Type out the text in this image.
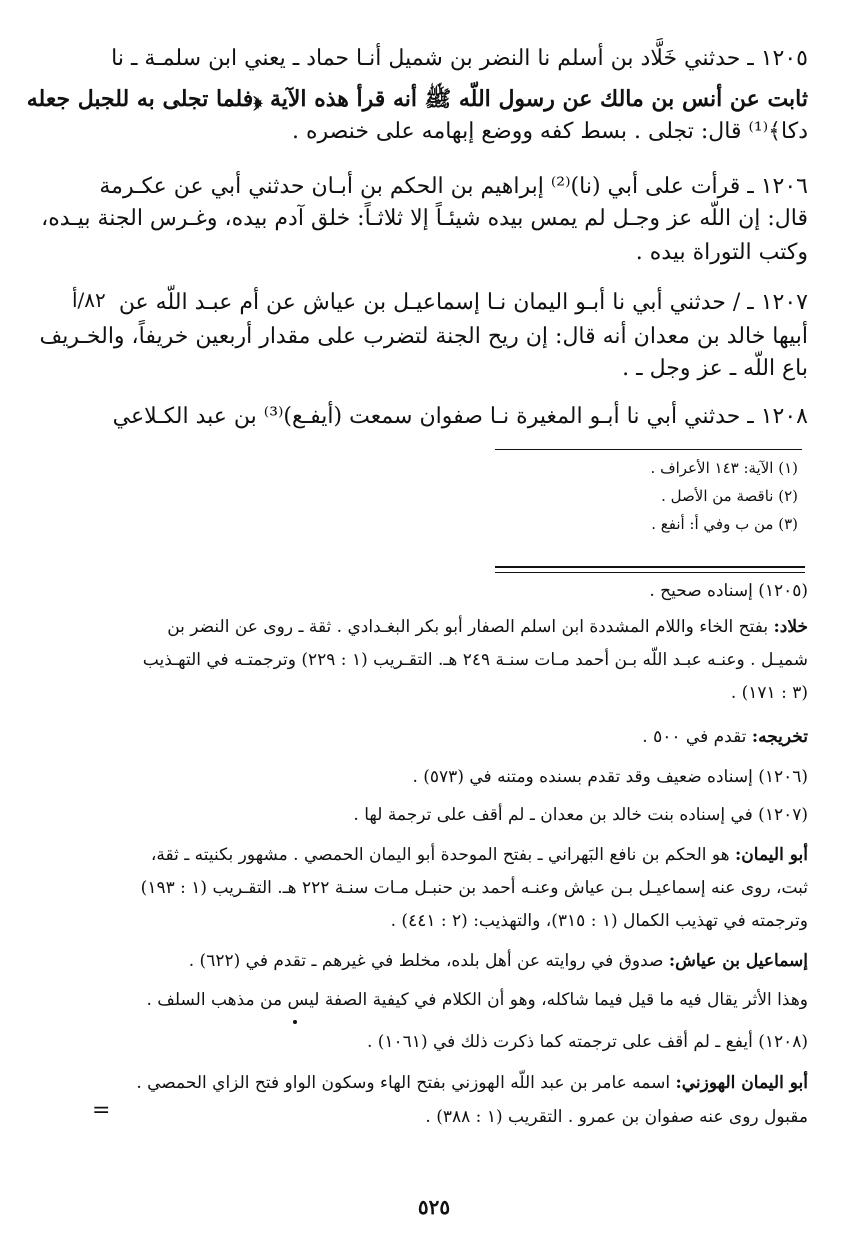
١٢٠٥ ـ حدثني خَلَّاد بن أسلم نا النضر بن شميل أنـا حماد ـ يعني ابن سلمـة ـ نا
ثابت عن أنس بن مالك عن رسول اللّه ﷺ أنه قرأ هذه الآية ﴿فلما تجلى به للجبل جعله
دكا﴾⁽¹⁾ قال: تجلى . بسط كفه ووضع إبهامه على خنصره .
١٢٠٦ ـ قرأت على أبي (نا)⁽²⁾ إبراهيم بن الحكم بن أبـان حدثني أبي عن عكـرمة
قال: إن اللّه عز وجـل لم يمس بيده شيئـاً إلا ثلاثـاً: خلق آدم بيده، وغـرس الجنة بيـده،
وكتب التوراة بيده .
١٢٠٧ ـ / حدثني أبي نا أبـو اليمان نـا إسماعيـل بن عياش عن أم عبـد اللّه عن
٨٢/أ
أبيها خالد بن معدان أنه قال: إن ريح الجنة لتضرب على مقدار أربعين خريفاً، والخـريف
باع اللّه ـ عز وجل ـ .
١٢٠٨ ـ حدثني أبي نا أبـو المغيرة نـا صفوان سمعت (أيفـع)⁽³⁾ بن عبد الكـلاعي
(١) الآية: ١٤٣ الأعراف .
(٢) ناقصة من الأصل .
(٣) من ب وفي أ: أنفع .
(١٢٠٥) إسناده صحيح .
خلاد: بفتح الخاء واللام المشددة ابن اسلم الصفار أبو بكر البغـدادي . ثقة ـ روى عن النضر بن
شميـل . وعنـه عبـد اللّه بـن أحمد مـات سنـة ٢٤٩ هـ. التقـريب (١ : ٢٢٩) وترجمتـه في التهـذيب
(٣ : ١٧١) .
تخريجه: تقدم في ٥٠٠ .
(١٢٠٦) إسناده ضعيف وقد تقدم بسنده ومتنه في (٥٧٣) .
(١٢٠٧) في إسناده بنت خالد بن معدان ـ لم أقف على ترجمة لها .
أبو اليمان: هو الحكم بن نافع البَهراني ـ بفتح الموحدة أبو اليمان الحمصي . مشهور بكنيته ـ ثقة،
ثبت، روى عنه إسماعيـل بـن عياش وعنـه أحمد بن حنبـل مـات سنـة ٢٢٢ هـ. التقـريب (١ : ١٩٣)
وترجمته في تهذيب الكمال (١ : ٣١٥)، والتهذيب: (٢ : ٤٤١) .
إسماعيل بن عياش: صدوق في روايته عن أهل بلده، مخلط في غيرهم ـ تقدم في (٦٢٢) .
وهذا الأثر يقال فيه ما قيل فيما شاكله، وهو أن الكلام في كيفية الصفة ليس من مذهب السلف .
(١٢٠٨) أيفع ـ لم أقف على ترجمته كما ذكرت ذلك في (١٠٦١) .
أبو اليمان الهوزني: اسمه عامر بن عبد اللّه الهوزني بفتح الهاء وسكون الواو فتح الزاي الحمصي .
مقبول روى عنه صفوان بن عمرو . التقريب (١ : ٣٨٨) .
=
٥٢٥
